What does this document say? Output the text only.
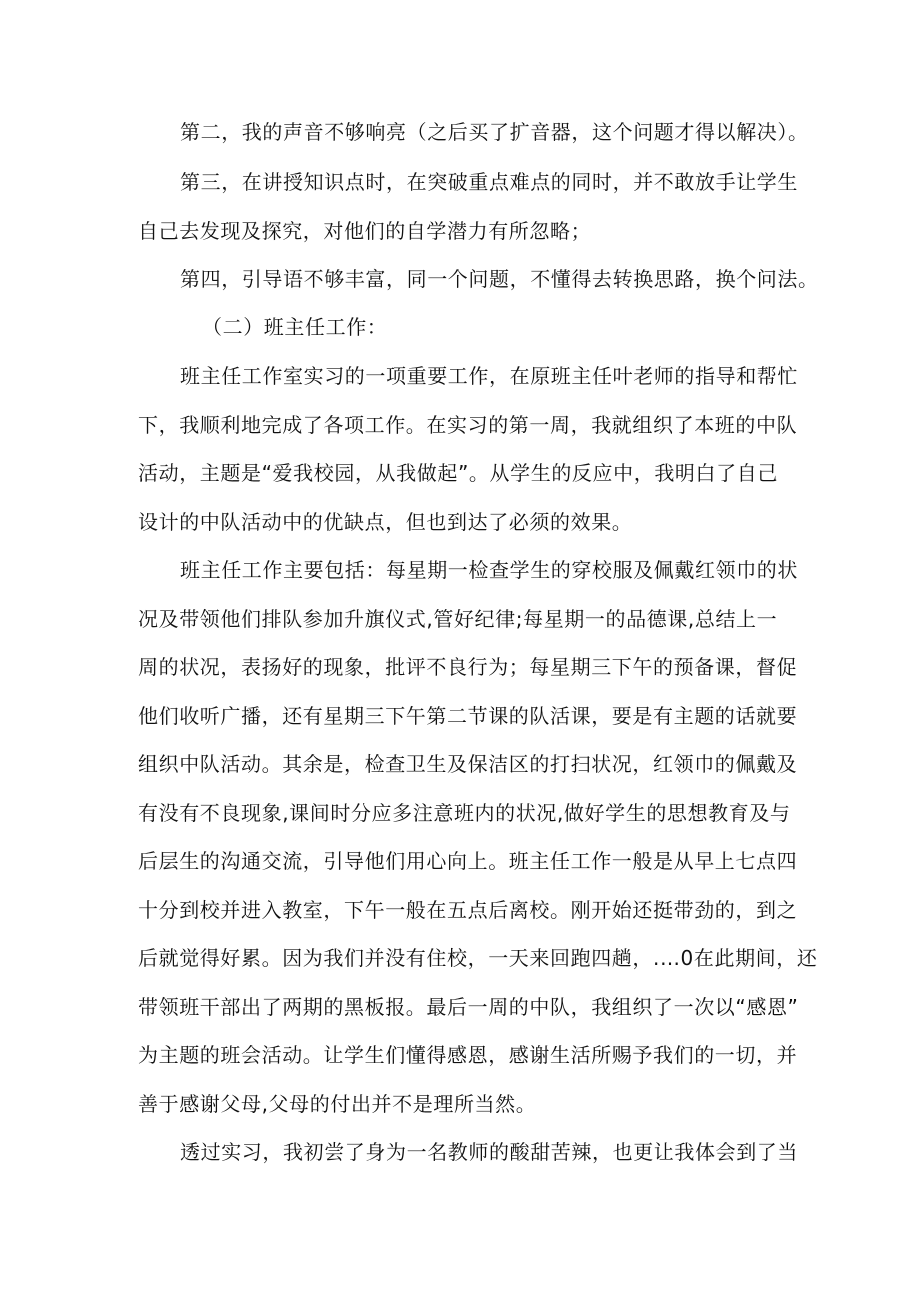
第二，我的声音不够响亮（之后买了扩音器，这个问题才得以解决）。
第三，在讲授知识点时，在突破重点难点的同时，并不敢放手让学生
自己去发现及探究，对他们的自学潜力有所忽略；
第四，引导语不够丰富，同一个问题，不懂得去转换思路，换个问法。
（二）班主任工作：
班主任工作室实习的一项重要工作，在原班主任叶老师的指导和帮忙
下，我顺利地完成了各项工作。在实习的第一周，我就组织了本班的中队
活动，主题是“爱我校园，从我做起”。从学生的反应中，我明白了自己
设计的中队活动中的优缺点，但也到达了必须的效果。
班主任工作主要包括：每星期一检查学生的穿校服及佩戴红领巾的状
况及带领他们排队参加升旗仪式,管好纪律;每星期一的品德课,总结上一
周的状况，表扬好的现象，批评不良行为；每星期三下午的预备课，督促
他们收听广播，还有星期三下午第二节课的队活课，要是有主题的话就要
组织中队活动。其余是，检查卫生及保洁区的打扫状况，红领巾的佩戴及
有没有不良现象,课间时分应多注意班内的状况,做好学生的思想教育及与
后层生的沟通交流，引导他们用心向上。班主任工作一般是从早上七点四
十分到校并进入教室，下午一般在五点后离校。刚开始还挺带劲的，到之
后就觉得好累。因为我们并没有住校，一天来回跑四趟，.…0在此期间，还
带领班干部出了两期的黑板报。最后一周的中队，我组织了一次以“感恩”
为主题的班会活动。让学生们懂得感恩，感谢生活所赐予我们的一切，并
善于感谢父母,父母的付出并不是理所当然。
透过实习，我初尝了身为一名教师的酸甜苦辣，也更让我体会到了当
